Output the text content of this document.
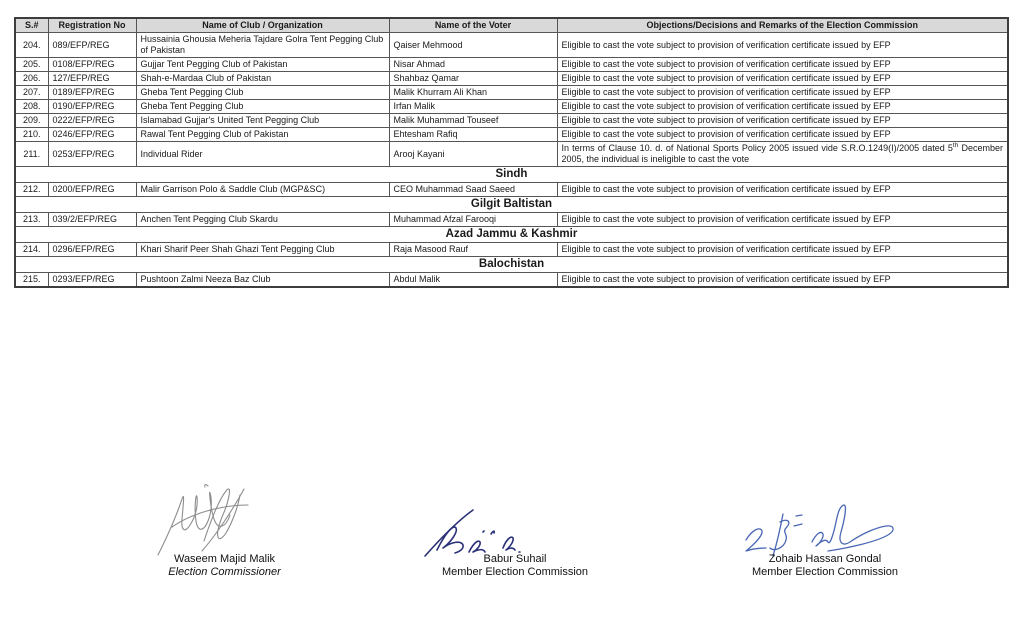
S.#	Registration No	Name of Club / Organization	Name of the Voter	Objections/Decisions and Remarks of the Election Commission
204.	089/EFP/REG	Hussainia Ghousia Meheria Tajdare Golra Tent Pegging Club of Pakistan	Qaiser Mehmood	Eligible to cast the vote subject to provision of verification certificate issued by EFP
205.	0108/EFP/REG	Gujjar Tent Pegging Club of Pakistan	Nisar Ahmad	Eligible to cast the vote subject to provision of verification certificate issued by EFP
206.	127/EFP/REG	Shah-e-Mardaa Club of Pakistan	Shahbaz Qamar	Eligible to cast the vote subject to provision of verification certificate issued by EFP
207.	0189/EFP/REG	Gheba Tent Pegging Club	Malik Khurram Ali Khan	Eligible to cast the vote subject to provision of verification certificate issued by EFP
208.	0190/EFP/REG	Gheba Tent Pegging Club	Irfan Malik	Eligible to cast the vote subject to provision of verification certificate issued by EFP
209.	0222/EFP/REG	Islamabad Gujjar's United Tent Pegging Club	Malik Muhammad Touseef	Eligible to cast the vote subject to provision of verification certificate issued by EFP
210.	0246/EFP/REG	Rawal Tent Pegging Club of Pakistan	Ehtesham Rafiq	Eligible to cast the vote subject to provision of verification certificate issued by EFP
211.	0253/EFP/REG	Individual Rider	Arooj Kayani	In terms of Clause 10. d. of National Sports Policy 2005 issued vide S.R.O.1249(I)/2005 dated 5th December 2005, the individual is ineligible to cast the vote
Sindh				
212.	0200/EFP/REG	Malir Garrison Polo & Saddle Club (MGP&SC)	CEO Muhammad Saad Saeed	Eligible to cast the vote subject to provision of verification certificate issued by EFP
Gilgit Baltistan				
213.	039/2/EFP/REG	Anchen Tent Pegging Club Skardu	Muhammad Afzal Farooqi	Eligible to cast the vote subject to provision of verification certificate issued by EFP
Azad Jammu & Kashmir				
214.	0296/EFP/REG	Khari Sharif Peer Shah Ghazi Tent Pegging Club	Raja Masood Rauf	Eligible to cast the vote subject to provision of verification certificate issued by EFP
Balochistan				
215.	0293/EFP/REG	Pushtoon Zalmi Neeza Baz Club	Abdul Malik	Eligible to cast the vote subject to provision of verification certificate issued by EFP
Waseem Majid Malik
Election Commissioner
Babur Suhail
Member Election Commission
Zohaib Hassan Gondal
Member Election Commission
